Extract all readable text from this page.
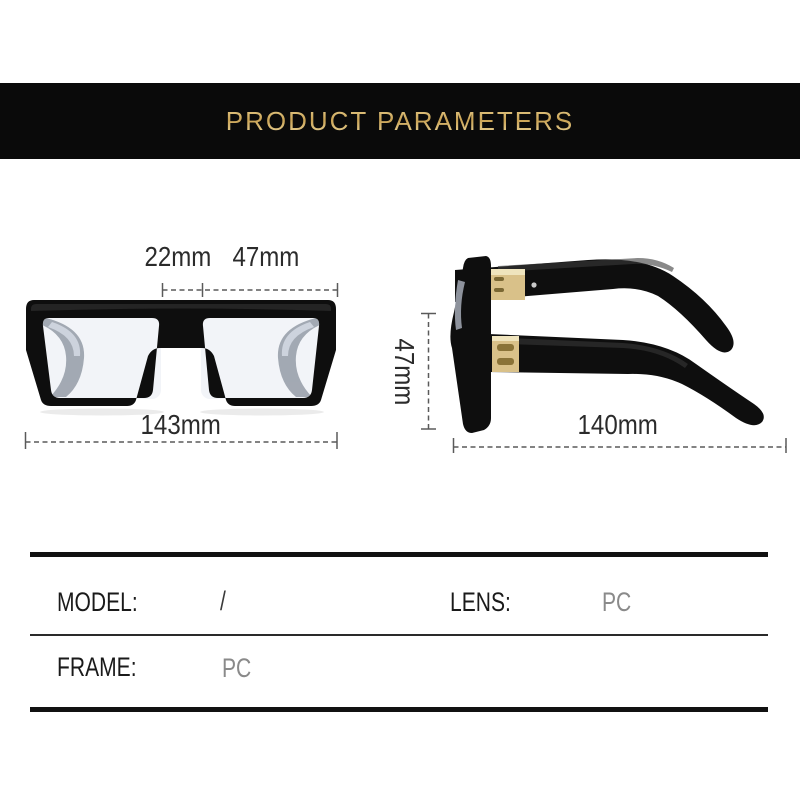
PRODUCT PARAMETERS
22mm 47mm
143mm
47mm
140mm
MODEL:	/	LENS:	PC
FRAME:	PC
